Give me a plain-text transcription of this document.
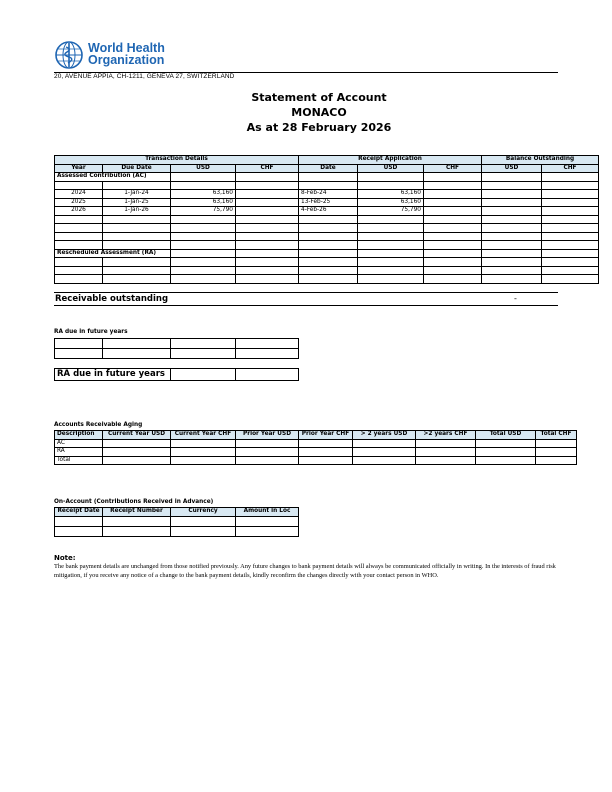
World Health
Organization
20, AVENUE APPIA, CH-1211, GENEVA 27, SWITZERLAND
Statement of Account
MONACO
As at 28 February 2026
Transaction Details				Receipt Application			Balance Outstanding	
Year	Due Date	USD	CHF	Date	USD	CHF	USD	CHF
Assessed Contribution (AC)								

2024	1-Jan-24	63,160		8-Feb-24	63,160			
2025	1-Jan-25	63,160		13-Feb-25	63,160			
2026	1-Jan-26	75,790		4-Feb-26	75,790			

Rescheduled Assessment (RA)								

Receivable outstanding	-
RA due in future years

RA due in future years		
Accounts Receivable Aging
Description	Current Year USD	Current Year CHF	Prior Year USD	Prior Year CHF	> 2 years USD	>2 years CHF	Total USD	Total CHF
AC								
RA								
Total								
On-Account (Contributions Received in Advance)
Receipt Date	Receipt Number	Currency	Amount in Loc

Note:
The bank payment details are unchanged from those notified previously. Any future changes to bank payment details will always be communicated officially in writing. In the interests of fraud risk mitigation, if you receive any notice of a change to the bank payment details, kindly reconfirm the changes directly with your contact person in WHO.
